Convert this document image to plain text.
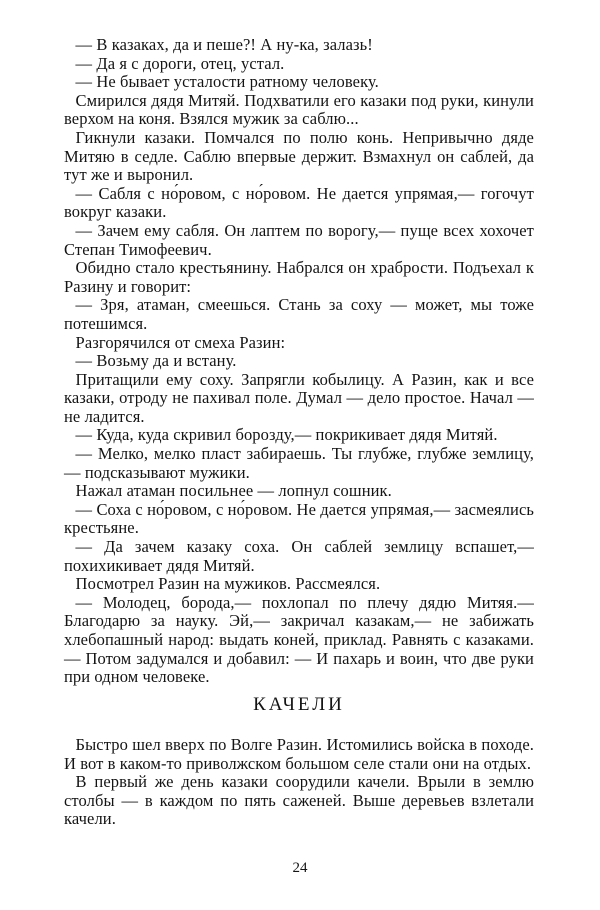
— В казаках, да и пеше?! А ну-ка, залазь!

— Да я с дороги, отец, устал.

— Не бывает усталости ратному человеку.

Смирился дядя Митяй. Подхватили его казаки под руки, кинули верхом на коня. Взялся мужик за саблю...

Гикнули казаки. Помчался по полю конь. Непривычно дяде Митяю в седле. Саблю впервые держит. Взмахнул он саблей, да тут же и выронил.

— Сабля с но́ровом, с но́ровом. Не дается упрямая,— гогочут вокруг казаки.

— Зачем ему сабля. Он лаптем по ворогу,— пуще всех хохочет Степан Тимофеевич.

Обидно стало крестьянину. Набрался он храбрости. Подъехал к Разину и говорит:

— Зря, атаман, смеешься. Стань за соху — может, мы тоже потешимся.

Разгорячился от смеха Разин:

— Возьму да и встану.

Притащили ему соху. Запрягли кобылицу. А Разин, как и все казаки, отроду не пахивал поле. Думал — дело простое. Начал — не ладится.

— Куда, куда скривил борозду,— покрикивает дядя Митяй.

— Мелко, мелко пласт забираешь. Ты глубже, глубже землицу,— подсказывают мужики.

Нажал атаман посильнее — лопнул сошник.

— Соха с но́ровом, с но́ровом. Не дается упрямая,— засмеялись крестьяне.

— Да зачем казаку соха. Он саблей землицу вспашет,— похихикивает дядя Митяй.

Посмотрел Разин на мужиков. Рассмеялся.

— Молодец, борода,— похлопал по плечу дядю Митяя.— Благодарю за науку. Эй,— закричал казакам,— не забижать хлебопашный народ: выдать коней, приклад. Равнять с казаками.— Потом задумался и добавил: — И пахарь и воин, что две руки при одном человеке.

КАЧЕЛИ

Быстро шел вверх по Волге Разин. Истомились войска в походе. И вот в каком-то приволжском большом селе стали они на отдых.

В первый же день казаки соорудили качели. Врыли в землю столбы — в каждом по пять саженей. Выше деревьев взлетали качели.

24
